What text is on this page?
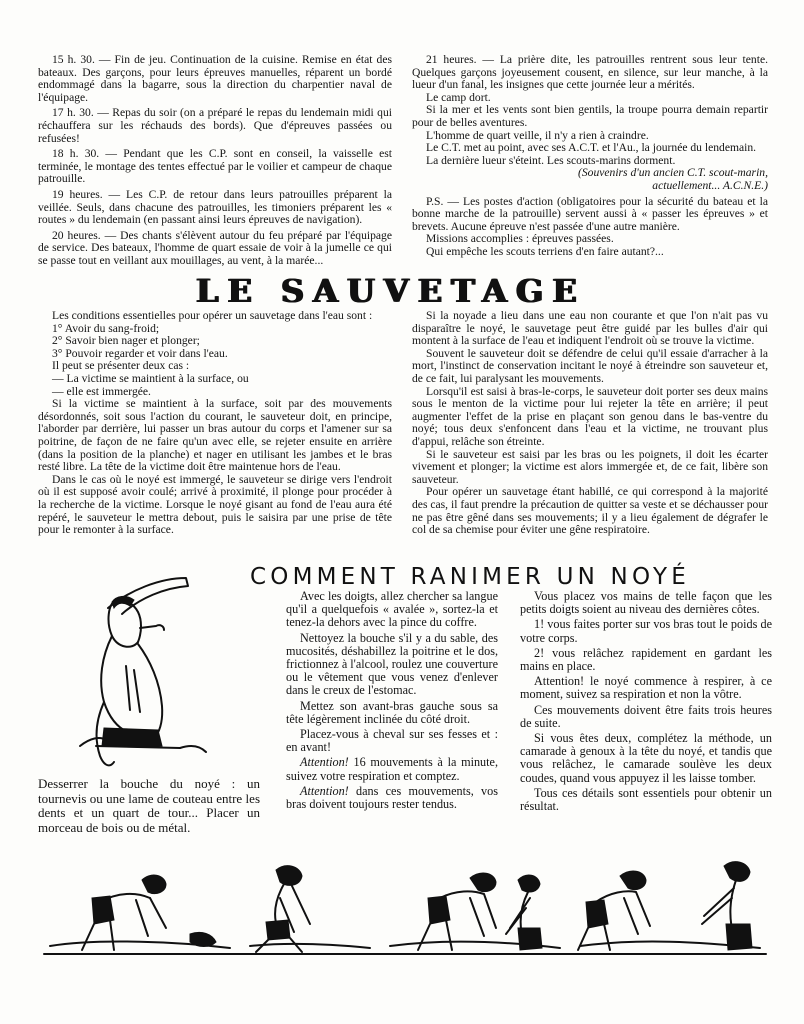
15 h. 30. — Fin de jeu. Continuation de la cuisine. Remise en état des bateaux. Des garçons, pour leurs épreuves manuelles, réparent un bordé endommagé dans la bagarre, sous la direction du charpentier naval de l'équipage.

17 h. 30. — Repas du soir (on a préparé le repas du lendemain midi qui réchauffera sur les réchauds des bords). Que d'épreuves passées ou refusées!

18 h. 30. — Pendant que les C.P. sont en conseil, la vaisselle est terminée, le montage des tentes effectué par le voilier et campeur de chaque patrouille.

19 heures. — Les C.P. de retour dans leurs patrouilles préparent la veillée. Seuls, dans chacune des patrouilles, les timoniers préparent les « routes » du lendemain (en passant ainsi leurs épreuves de navigation).

20 heures. — Des chants s'élèvent autour du feu préparé par l'équipage de service. Des bateaux, l'homme de quart essaie de voir à la jumelle ce qui se passe tout en veillant aux mouillages, au vent, à la marée...

21 heures. — La prière dite, les patrouilles rentrent sous leur tente. Quelques garçons joyeusement cousent, en silence, sur leur manche, à la lueur d'un fanal, les insignes que cette journée leur a mérités.

Le camp dort.

Si la mer et les vents sont bien gentils, la troupe pourra demain repartir pour de belles aventures.

L'homme de quart veille, il n'y a rien à craindre.

Le C.T. met au point, avec ses A.C.T. et l'Au., la journée du lendemain.

La dernière lueur s'éteint. Les scouts-marins dorment.

(Souvenirs d'un ancien C.T. scout-marin,

actuellement... A.C.N.E.)

P.S. — Les postes d'action (obligatoires pour la sécurité du bateau et la bonne marche de la patrouille) servent aussi à « passer les épreuves » et brevets. Aucune épreuve n'est passée d'une autre manière.

Missions accomplies : épreuves passées.

Qui empêche les scouts terriens d'en faire autant?...

LE SAUVETAGE

Les conditions essentielles pour opérer un sauvetage dans l'eau sont :

1° Avoir du sang-froid;

2° Savoir bien nager et plonger;

3° Pouvoir regarder et voir dans l'eau.

Il peut se présenter deux cas :

— La victime se maintient à la surface, ou

— elle est immergée.

Si la victime se maintient à la surface, soit par des mouvements désordonnés, soit sous l'action du courant, le sauveteur doit, en principe, l'aborder par derrière, lui passer un bras autour du corps et l'amener sur sa poitrine, de façon de ne faire qu'un avec elle, se rejeter ensuite en arrière (dans la position de la planche) et nager en utilisant les jambes et le bras resté libre. La tête de la victime doit être maintenue hors de l'eau.

Dans le cas où le noyé est immergé, le sauveteur se dirige vers l'endroit où il est supposé avoir coulé; arrivé à proximité, il plonge pour procéder à la recherche de la victime. Lorsque le noyé gisant au fond de l'eau aura été repéré, le sauveteur le mettra debout, puis le saisira par une prise de tête pour le remonter à la surface.

Si la noyade a lieu dans une eau non courante et que l'on n'ait pas vu disparaître le noyé, le sauvetage peut être guidé par les bulles d'air qui montent à la surface de l'eau et indiquent l'endroit où se trouve la victime.

Souvent le sauveteur doit se défendre de celui qu'il essaie d'arracher à la mort, l'instinct de conservation incitant le noyé à étreindre son sauveteur et, de ce fait, lui paralysant les mouvements.

Lorsqu'il est saisi à bras-le-corps, le sauveteur doit porter ses deux mains sous le menton de la victime pour lui rejeter la tête en arrière; il peut augmenter l'effet de la prise en plaçant son genou dans le bas-ventre du noyé; tous deux s'enfoncent dans l'eau et la victime, ne trouvant plus d'appui, relâche son étreinte.

Si le sauveteur est saisi par les bras ou les poignets, il doit les écarter vivement et plonger; la victime est alors immergée et, de ce fait, libère son sauveteur.

Pour opérer un sauvetage étant habillé, ce qui correspond à la majorité des cas, il faut prendre la précaution de quitter sa veste et se déchausser pour ne pas être gêné dans ses mouvements; il y a lieu également de dégrafer le col de sa chemise pour éviter une gêne respiratoire.

COMMENT RANIMER UN NOYÉ

Desserrer la bouche du noyé : un tournevis ou une lame de couteau entre les dents et un quart de tour... Placer un morceau de bois ou de métal.

Avec les doigts, allez chercher sa langue qu'il a quelquefois « avalée », sortez-la et tenez-la dehors avec la pince du coffre.

Nettoyez la bouche s'il y a du sable, des mucosités, déshabillez la poitrine et le dos, frictionnez à l'alcool, roulez une couverture ou le vêtement que vous venez d'enlever dans le creux de l'estomac.

Mettez son avant-bras gauche sous sa tête légèrement inclinée du côté droit.

Placez-vous à cheval sur ses fesses et : en avant!

Attention! 16 mouvements à la minute, suivez votre respiration et comptez.

Attention! dans ces mouvements, vos bras doivent toujours rester tendus.

Vous placez vos mains de telle façon que les petits doigts soient au niveau des dernières côtes.

1! vous faites porter sur vos bras tout le poids de votre corps.

2! vous relâchez rapidement en gardant les mains en place.

Attention! le noyé commence à respirer, à ce moment, suivez sa respiration et non la vôtre.

Ces mouvements doivent être faits trois heures de suite.

Si vous êtes deux, complétez la méthode, un camarade à genoux à la tête du noyé, et tandis que vous relâchez, le camarade soulève les deux coudes, quand vous appuyez il les laisse tomber.

Tous ces détails sont essentiels pour obtenir un résultat.
